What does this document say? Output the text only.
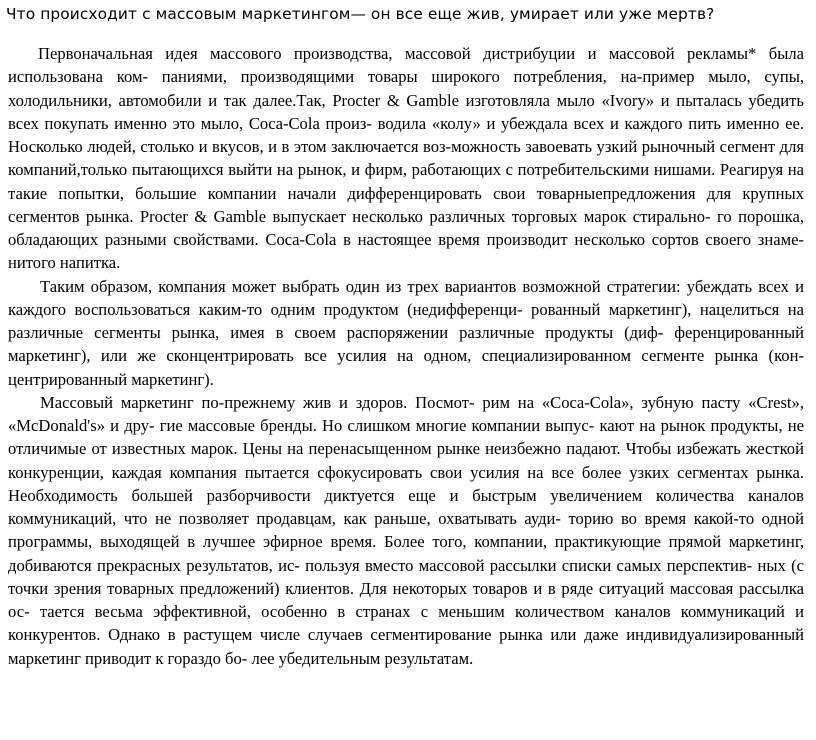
Что происходит с массовым маркетингом— он все еще жив, умирает или уже мертв?

Первоначальная идея массового производства, массовой дистрибуции и массовой рекламы* была использована ком- паниями, производящими товары широкого потребления, на-пример мыло, супы, холодильники, автомобили и так далее.Так, Procter & Gamble изготовляла мыло «Ivory» и пыталась убедить всех покупать именно это мыло, Coca-Cola произ- водила «колу» и убеждала всех и каждого пить именно ее. Носколько людей, столько и вкусов, и в этом заключается воз-можность завоевать узкий рыночный сегмент для компаний,только пытающихся выйти на рынок, и фирм, работающих с потребительскими нишами. Реагируя на такие попытки, большие компании начали дифференцировать свои товарныепредложения для крупных сегментов рынка. Procter & Gamble выпускает несколько различных торговых марок стирально- го порошка, обладающих разными свойствами. Coca-Cola в настоящее время производит несколько сортов своего знаме- нитого напитка.

Таким образом, компания может выбрать один из трех вариантов возможной стратегии: убеждать всех и каждого воспользоваться каким-то одним продуктом (недифференци- рованный маркетинг), нацелиться на различные сегменты рынка, имея в своем распоряжении различные продукты (диф- ференцированный маркетинг), или же сконцентрировать все усилия на одном, специализированном сегменте рынка (кон- центрированный маркетинг).

Массовый маркетинг по-прежнему жив и здоров. Посмот- рим на «Coca-Cola», зубную пасту «Crest», «McDonald's» и дру- гие массовые бренды. Но слишком многие компании выпус- кают на рынок продукты, не отличимые от известных марок. Цены на перенасыщенном рынке неизбежно падают. Чтобы избежать жесткой конкуренции, каждая компания пытается сфокусировать свои усилия на все более узких сегментах рынка. Необходимость большей разборчивости диктуется еще и быстрым увеличением количества каналов коммуникаций, что не позволяет продавцам, как раньше, охватывать ауди- торию во время какой-то одной программы, выходящей в лучшее эфирное время. Более того, компании, практикующие прямой маркетинг, добиваются прекрасных результатов, ис- пользуя вместо массовой рассылки списки самых перспектив- ных (с точки зрения товарных предложений) клиентов. Для некоторых товаров и в ряде ситуаций массовая рассылка ос- тается весьма эффективной, особенно в странах с меньшим количеством каналов коммуникаций и конкурентов. Однако в растущем числе случаев сегментирование рынка или даже индивидуализированный маркетинг приводит к гораздо бо- лее убедительным результатам.
